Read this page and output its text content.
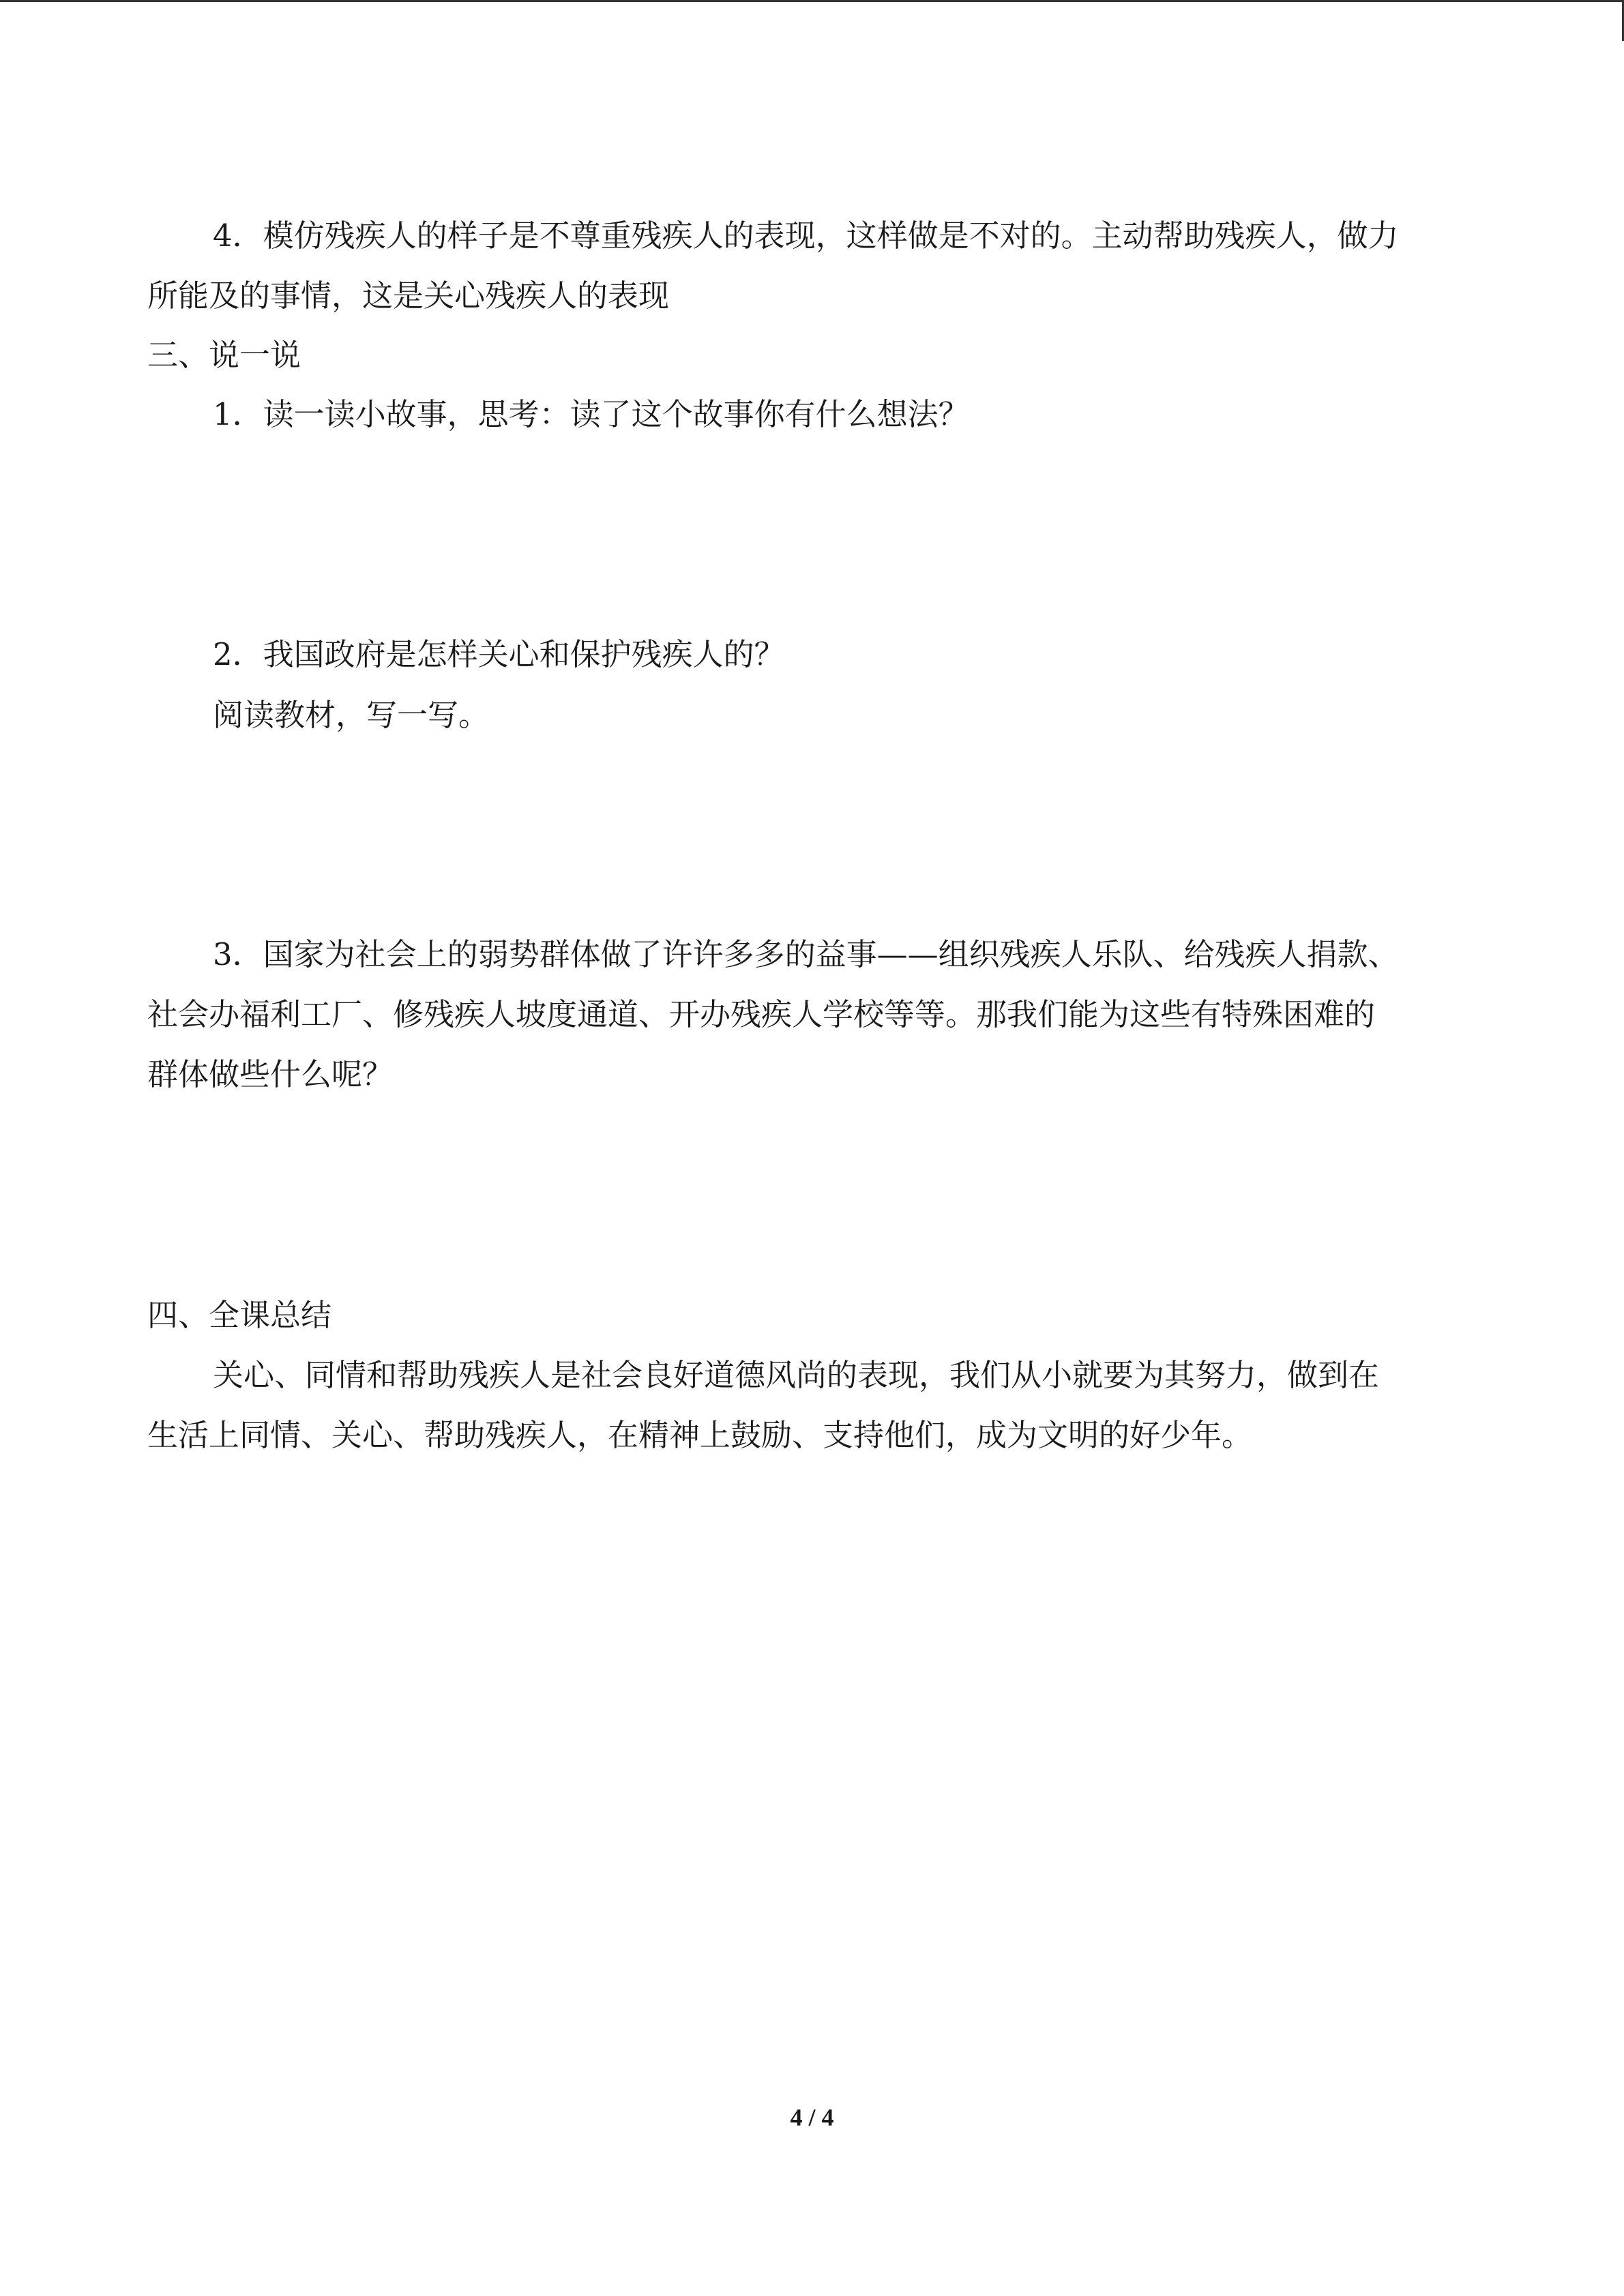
4．模仿残疾人的样子是不尊重残疾人的表现，这样做是不对的。主动帮助残疾人，做力
所能及的事情，这是关心残疾人的表现
三、说一说
1．读一读小故事，思考：读了这个故事你有什么想法？
2．我国政府是怎样关心和保护残疾人的？
阅读教材，写一写。
3．国家为社会上的弱势群体做了许许多多的益事——组织残疾人乐队、给残疾人捐款、
社会办福利工厂、修残疾人坡度通道、开办残疾人学校等等。那我们能为这些有特殊困难的
群体做些什么呢？
四、全课总结
关心、同情和帮助残疾人是社会良好道德风尚的表现，我们从小就要为其努力，做到在
生活上同情、关心、帮助残疾人，在精神上鼓励、支持他们，成为文明的好少年。
4 / 4
